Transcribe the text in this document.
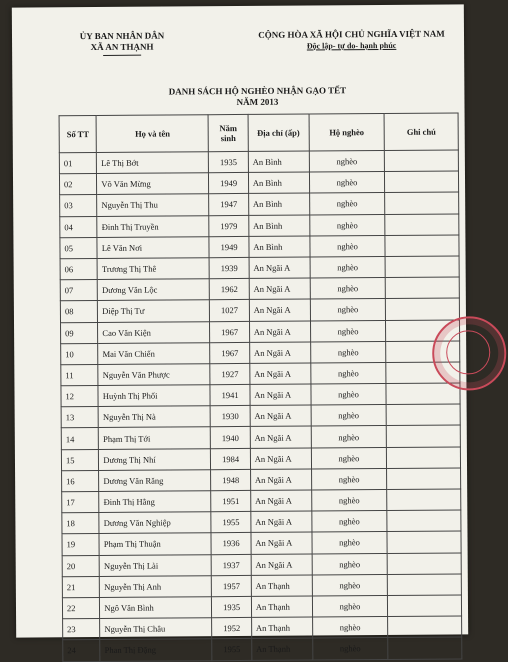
ỦY BAN NHÂN DÂN
XÃ AN THẠNH
CỘNG HÒA XÃ HỘI CHỦ NGHĨA VIỆT NAM
Độc lập- tự do- hạnh phúc
DANH SÁCH HỘ NGHÈO NHẬN GẠO TẾT
NĂM 2013
Số TT	Họ và tên	Năm sinh	Địa chỉ (ấp)	Hộ nghèo	Ghi chú
01	Lê Thị Bớt	1935	An Bình	nghèo	
02	Võ Văn Mừng	1949	An Bình	nghèo	
03	Nguyễn Thị Thu	1947	An Bình	nghèo	
04	Đinh Thị Truyền	1979	An Bình	nghèo	
05	Lê Văn Nơi	1949	An Bình	nghèo	
06	Trương Thị Thê	1939	An Ngãi A	nghèo	
07	Dương Văn Lộc	1962	An Ngãi A	nghèo	
08	Diệp Thị Tư	1027	An Ngãi A	nghèo	
09	Cao Văn Kiện	1967	An Ngãi A	nghèo	
10	Mai Văn Chiến	1967	An Ngãi A	nghèo	
11	Nguyễn Văn Phược	1927	An Ngãi A	nghèo	
12	Huỳnh Thị Phối	1941	An Ngãi A	nghèo	
13	Nguyễn Thị Nà	1930	An Ngãi A	nghèo	
14	Phạm Thị Tới	1940	An Ngãi A	nghèo	
15	Dương Thị Nhí	1984	An Ngãi A	nghèo	
16	Dương Văn Răng	1948	An Ngãi A	nghèo	
17	Đinh Thị Hằng	1951	An Ngãi A	nghèo	
18	Dương Văn Nghiệp	1955	An Ngãi A	nghèo	
19	Phạm Thị Thuận	1936	An Ngãi A	nghèo	
20	Nguyễn Thị Lài	1937	An Ngãi A	nghèo	
21	Nguyễn Thị Anh	1957	An Thạnh	nghèo	
22	Ngô Văn Bình	1935	An Thạnh	nghèo	
23	Nguyễn Thị Châu	1952	An Thạnh	nghèo	
24	Phan Thị Đặng	1955	An Thạnh	nghèo	
